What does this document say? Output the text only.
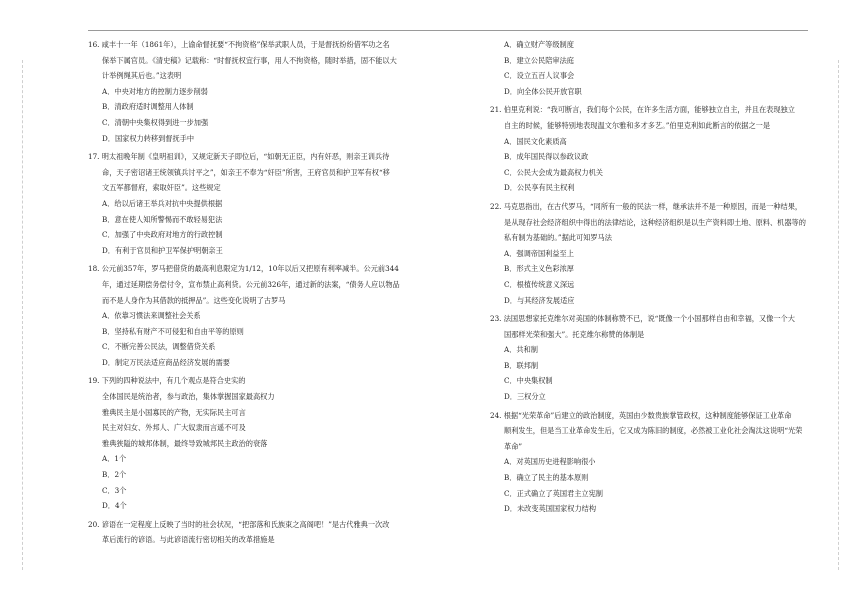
16. 咸丰十一年（1861年），上谕命督抚要“不拘资格”保举武职人员，于是督抚纷纷借军功之名
保举下属官员。《清史稿》记载称：“时督抚权宜行事，用人不拘资格，随时举措，固不能以大
计举例绳其后也。”这表明
A．中央对地方的控制力逐步削弱
B．清政府适时调整用人体制
C．清朝中央集权得到进一步加强
D．国家权力转移到督抚手中
17. 明太祖晚年制《皇明祖训》，又规定新天子即位后，“如朝无正臣，内有奸恶，则亲王训兵待
命，天子密诏诸王统领镇兵讨平之”，如亲王不奉为“奸臣”所害，王府官员和护卫军有权“移
文五军都督府，索取奸臣”。这些规定
A．给以后诸王举兵对抗中央提供根据
B．意在使人知所警惕而不敢轻易犯法
C．加强了中央政府对地方的行政控制
D．有利于官员和护卫军保护明朝亲王
18. 公元前357年，罗马把借贷的最高利息限定为1/12，10年以后又把原有利率减半。公元前344
年，通过延期偿务偿付令，宣布禁止高利贷。公元前326年，通过新的法案，“债务人应以物品
而不是人身作为其借款的抵押品”。这些变化说明了古罗马
A．依靠习惯法来调整社会关系
B．坚持私有财产不可侵犯和自由平等的原则
C．不断完善公民法，调整借贷关系
D．制定万民法适应商品经济发展的需要
19. 下列的四种说法中，有几个观点是符合史实的
全体国民是统治者，参与政治，集体掌握国家最高权力
雅典民主是小国寡民的产物，无实际民主可言
民主对妇女、外邦人、广大奴隶而言遥不可及
雅典狭隘的城邦体制，最终导致城邦民主政治的衰落
A．1个
B．2个
C．3个
D．4个
20. 谚语在一定程度上反映了当时的社会状况，“把部落和氏族束之高阁吧！”是古代雅典一次改
革后流行的谚语。与此谚语流行密切相关的改革措施是
A．确立财产等级制度
B．建立公民陪审法庭
C．设立五百人议事会
D．向全体公民开放官职
21. 伯里克利说：“我可断言，我们每个公民，在许多生活方面，能够独立自主，并且在表现独立
自主的时候，能够特别地表现温文尔雅和多才多艺。”伯里克利如此断言的依据之一是
A．国民文化素质高
B．成年国民得以参政议政
C．公民大会成为最高权力机关
D．公民享有民主权利
22. 马克思指出，在古代罗马，“同所有一般的民法一样，继承法并不是一种原因，而是一种结果，
是从现存社会经济组织中得出的法律结论，这种经济组织是以生产资料即土地、原料、机器等的
私有制为基础的。”据此可知罗马法
A．强调帝国利益至上
B．形式主义色彩浓厚
C．根植传统意义深远
D．与其经济发展适应
23. 法国思想家托克维尔对美国的体制称赞不已，说“既像一个小国那样自由和幸福，又像一个大
国那样光荣和强大”。托克维尔称赞的体制是
A．共和制
B．联邦制
C．中央集权制
D．三权分立
24. 根据“光荣革命”后建立的政治制度，英国由少数贵族掌管政权，这种制度能够保证工业革命
顺利发生，但是当工业革命发生后，它又成为陈旧的制度，必然被工业化社会淘汰这说明“光荣
革命”
A．对英国历史进程影响很小
B．确立了民主的基本原则
C．正式确立了英国君主立宪制
D．未改变英国国家权力结构
